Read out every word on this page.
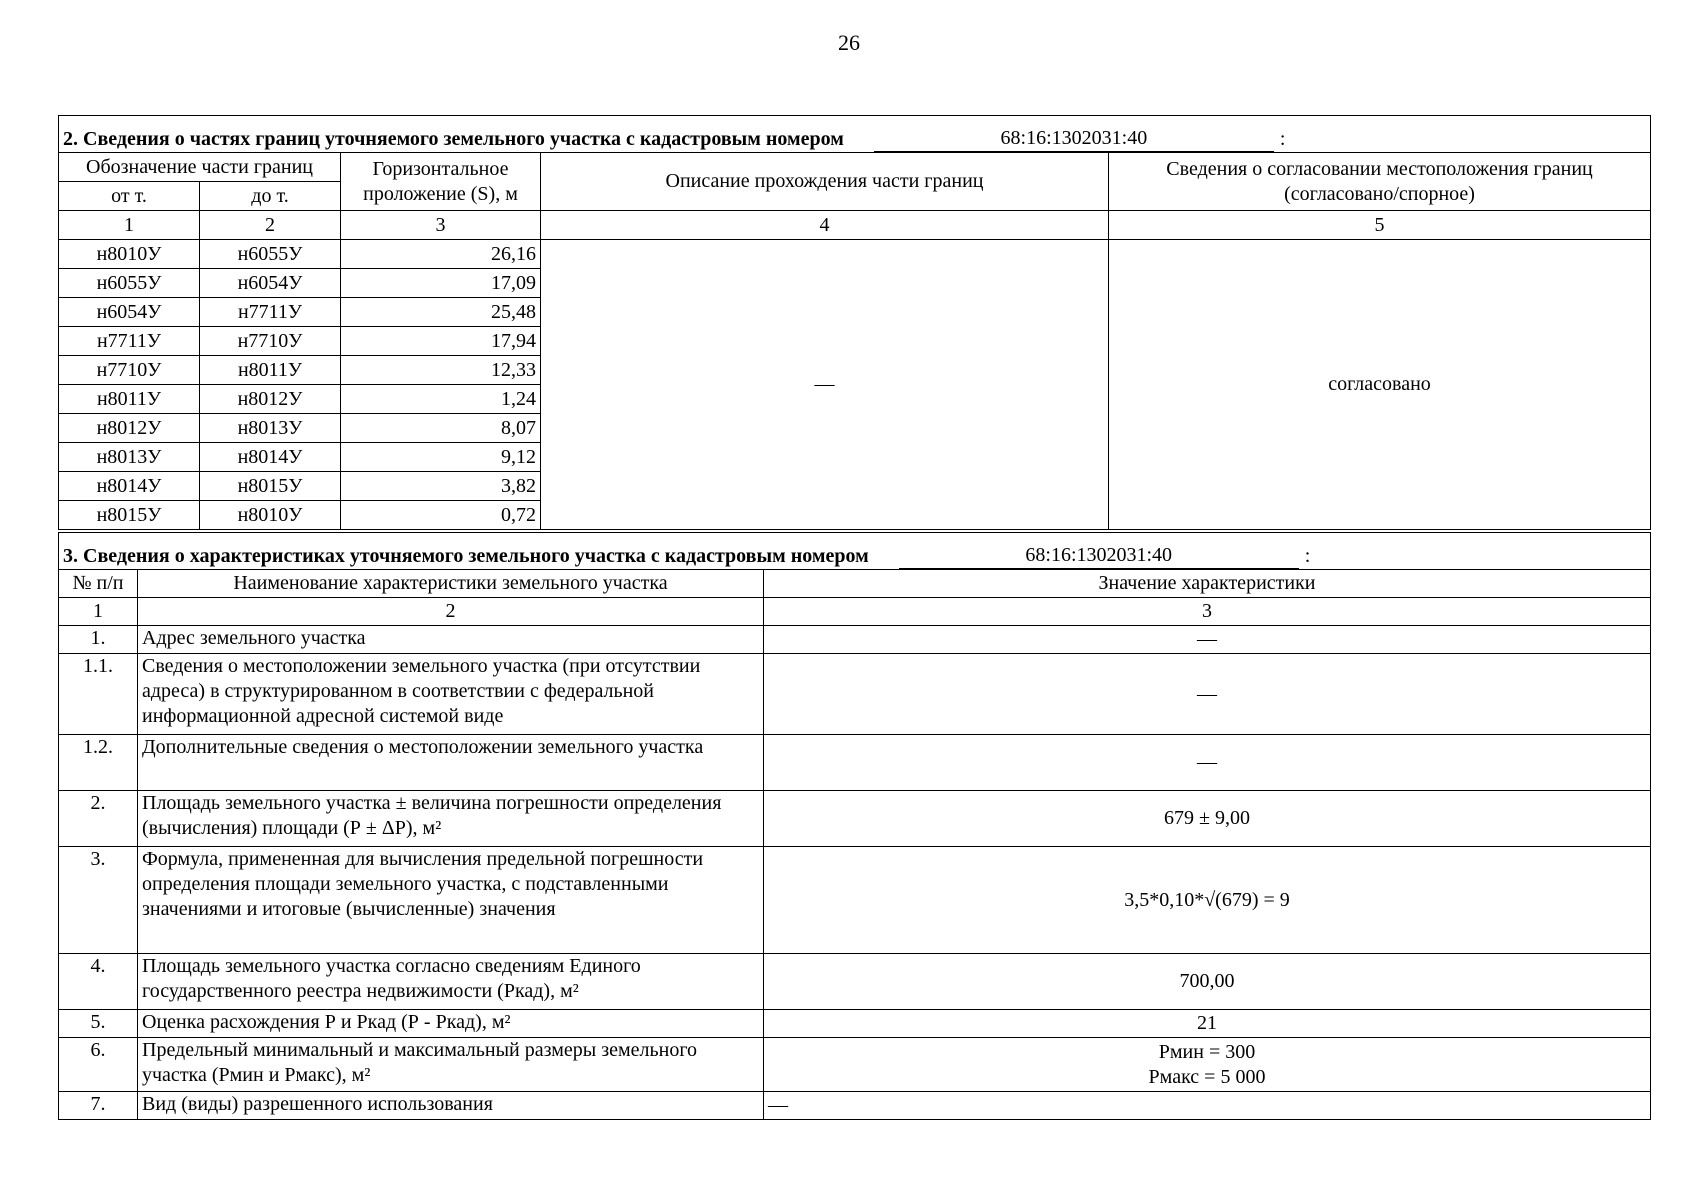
26
2. Сведения о частях границ уточняемого земельного участка с кадастровым номером 68:16:1302031:40 :				

Обозначение части границ		Горизонтальное проложение (S), м	Описание прохождения части границ	Сведения о согласовании местоположения границ (согласовано/спорное)
от т.	до т.			
1	2	3	4	5
н8010У	н6055У	26,16	—	согласовано
н6055У	н6054У	17,09		
н6054У	н7711У	25,48		
н7711У	н7710У	17,94		
н7710У	н8011У	12,33		
н8011У	н8012У	1,24		
н8012У	н8013У	8,07		
н8013У	н8014У	9,12		
н8014У	н8015У	3,82		
н8015У	н8010У	0,72		
3. Сведения о характеристиках уточняемого земельного участка с кадастровым номером 68:16:1302031:40 :		

№ п/п	Наименование характеристики земельного участка	Значение характеристики
1	2	3
1.	Адрес земельного участка	—
1.1.	Сведения о местоположении земельного участка (при отсутствии адреса) в структурированном в соответствии с федеральной информационной адресной системой виде	—
1.2.	Дополнительные сведения о местоположении земельного участка	—
2.	Площадь земельного участка ± величина погрешности определения (вычисления) площади (Р ± ΔР), м²	679 ± 9,00
3.	Формула, примененная для вычисления предельной погрешности определения площади земельного участка, с подставленными значениями и итоговые (вычисленные) значения	3,5*0,10*√(679) = 9
4.	Площадь земельного участка согласно сведениям Единого государственного реестра недвижимости (Ркад), м²	700,00
5.	Оценка расхождения Р и Ркад (Р - Ркад), м²	21
6.	Предельный минимальный и максимальный размеры земельного участка (Рмин и Рмакс), м²	Рмин = 300
Рмакс = 5 000

7.	Вид (виды) разрешенного использования	—
